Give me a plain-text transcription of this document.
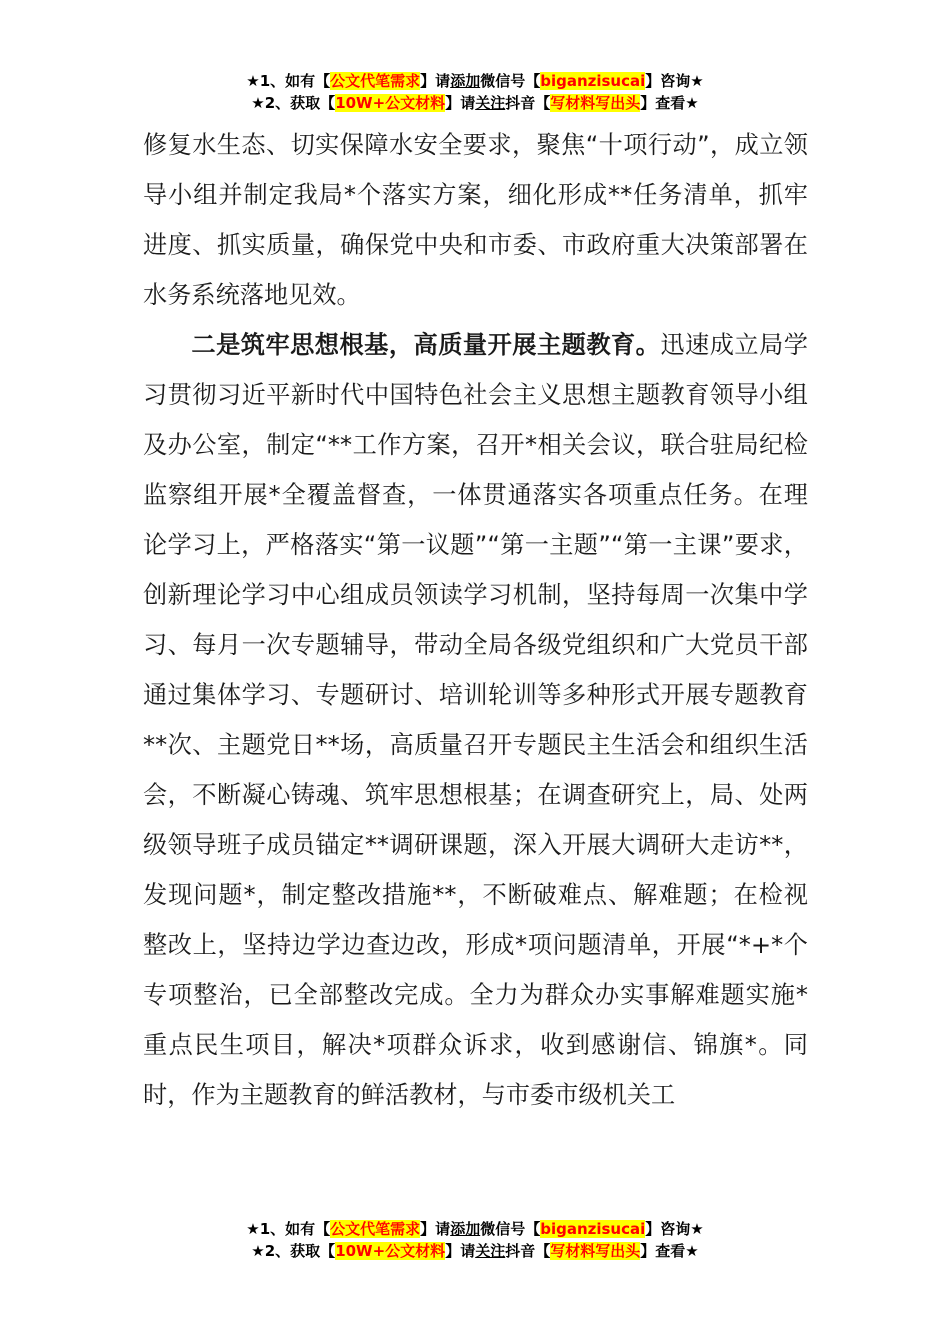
★1、如有【公文代笔需求】请添加微信号【biganzisucai】咨询★
★2、获取【10W+公文材料】请关注抖音【写材料写出头】查看★

修复水生态、切实保障水安全要求，聚焦“十项行动”，成立领导小组并制定我局*个落实方案，细化形成**任务清单，抓牢进度、抓实质量，确保党中央和市委、市政府重大决策部署在水务系统落地见效。

二是筑牢思想根基，高质量开展主题教育。迅速成立局学习贯彻习近平新时代中国特色社会主义思想主题教育领导小组及办公室，制定“**工作方案，召开*相关会议，联合驻局纪检监察组开展*全覆盖督查，一体贯通落实各项重点任务。在理论学习上，严格落实“第一议题”“第一主题”“第一主课”要求，创新理论学习中心组成员领读学习机制，坚持每周一次集中学习、每月一次专题辅导，带动全局各级党组织和广大党员干部通过集体学习、专题研讨、培训轮训等多种形式开展专题教育**次、主题党日**场，高质量召开专题民主生活会和组织生活会，不断凝心铸魂、筑牢思想根基；在调查研究上，局、处两级领导班子成员锚定**调研课题，深入开展大调研大走访**，发现问题*，制定整改措施**，不断破难点、解难题；在检视整改上，坚持边学边查边改，形成*项问题清单，开展“*+*个专项整治，已全部整改完成。全力为群众办实事解难题实施*重点民生项目，解决*项群众诉求，收到感谢信、锦旗*。同时，作为主题教育的鲜活教材，与市委市级机关工

★1、如有【公文代笔需求】请添加微信号【biganzisucai】咨询★
★2、获取【10W+公文材料】请关注抖音【写材料写出头】查看★
